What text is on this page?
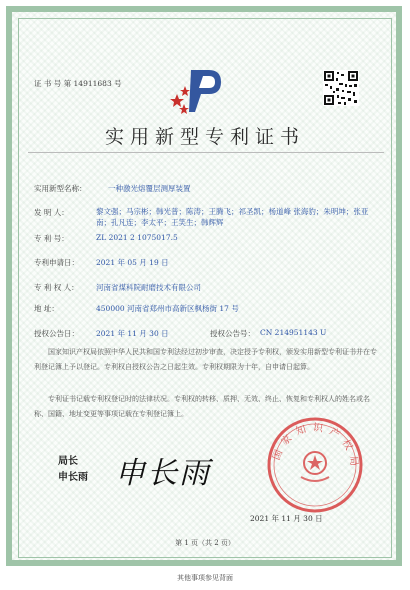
证 书 号 第 14911683 号
实用新型专利证书
实用新型名称：	一种激光熔覆层测厚装置
发 明 人：	黎文强；马宗彬；韩光普；陈涛；王腾飞；祁圣凯；杨道峰 张海豹；朱明坤；张亚南；孔凡连；李太平；王笑生；韩辉辉
专 利 号：	ZL 2021 2 1075017.5
专利申请日： 2021 年 05 月 19 日
专 利 权 人： 河南省煤科院耐磨技术有限公司
地 址：	450000 河南省郑州市高新区枫杨街 17 号
授权公告日： 2021 年 11 月 30 日	授权公告号： CN 214951143 U
国家知识产权局依照中华人民共和国专利法经过初步审查，决定授予专利权，颁发实用新型专利证书并在专利登记簿上予以登记。专利权自授权公告之日起生效。专利权期限为十年，自申请日起算。
专利证书记载专利权登记时的法律状况。专利权的转移、质押、无效、终止、恢复和专利权人的姓名或名称、国籍、地址变更等事项记载在专利登记簿上。
局长
申长雨 申长雨
国家知识产权局
2021 年 11 月 30 日
第 1 页（共 2 页）
其他事项参见背面
